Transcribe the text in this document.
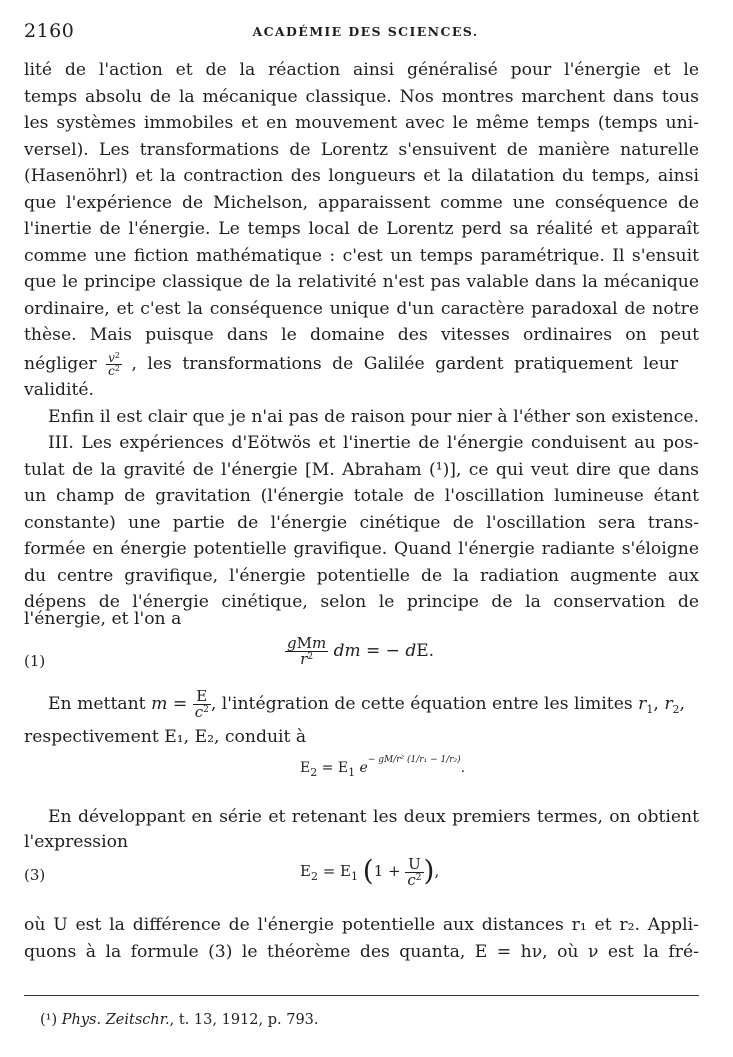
2160	ACADÉMIE DES SCIENCES.
lité de l'action et de la réaction ainsi généralisé pour l'énergie et le
temps absolu de la mécanique classique. Nos montres marchent dans tous
les systèmes immobiles et en mouvement avec le même temps (temps uni-
versel). Les transformations de Lorentz s'ensuivent de manière naturelle
(Hasenöhrl) et la contraction des longueurs et la dilatation du temps, ainsi
que l'expérience de Michelson, apparaissent comme une conséquence de
l'inertie de l'énergie. Le temps local de Lorentz perd sa réalité et apparaît
comme une fiction mathématique : c'est un temps paramétrique. Il s'ensuit
que le principe classique de la relativité n'est pas valable dans la mécanique
ordinaire, et c'est la conséquence unique d'un caractère paradoxal de notre
thèse. Mais puisque dans le domaine des vitesses ordinaires on peut
négliger $\frac{v^2}{c^2}$ , les transformations de Galilée gardent pratiquement leur
validité.
Enfin il est clair que je n'ai pas de raison pour nier à l'éther son existence.
III. Les expériences d'Eötwös et l'inertie de l'énergie conduisent au pos-
tulat de la gravité de l'énergie [M. Abraham (¹)], ce qui veut dire que dans
un champ de gravitation (l'énergie totale de l'oscillation lumineuse étant
constante) une partie de l'énergie cinétique de l'oscillation sera trans-
formée en énergie potentielle gravifique. Quand l'énergie radiante s'éloigne
du centre gravifique, l'énergie potentielle de la radiation augmente aux
dépens de l'énergie cinétique, selon le principe de la conservation de
l'énergie, et l'on a
(1)	$\frac{\text{gMm}}{r^2}$ dm = − dE.
En mettant $m = \frac{E}{c^2}$ , l'intégration de cette équation entre les limites $r_1$, $r_2$,
respectivement E₁, E₂, conduit à
$E_2 = E_1$ $e^{- gM/r^2 (1/r_1 - 1/r_2)}$.
En développant en série et retenant les deux premiers termes, on obtient
l'expression
(3)	$E_2 = E_1$ ($1 + \frac{U}{c^2}$ ),
où U est la différence de l'énergie potentielle aux distances r₁ et r₂. Appli-
quons à la formule (3) le théorème des quanta, E = hν, où ν est la fré-
(¹) Phys. Zeitschr., t. 13, 1912, p. 793.
